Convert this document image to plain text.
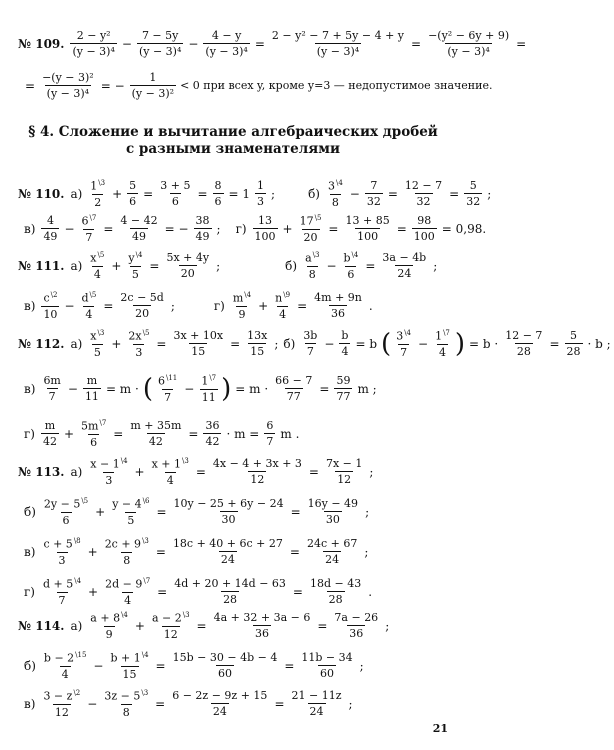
№ 109. $\frac{\text{2 − y²}}{\text{(y − 3)⁴}} - \frac{7 - 5y}{\text{(y − 3)⁴}} - \frac{4 - y}{\text{(y − 3)⁴}} = \frac{\text{2 − y² − 7 + 5y − 4 + y}}{\text{(y − 3)⁴}} = \frac{\text{−(y² − 6y + 9)}}{\text{(y − 3)⁴}}$ =
= $\frac{\text{−(y − 3)²}}{\text{(y − 3)⁴}}$ = − $\frac{1}{\text{(y − 3)²}} < 0$ при всех y, кроме y=3 — недопустимое значение.
§ 4. Сложение и вычитание алгебраических дробей
с разными знаменателями
№ 110. $а) \frac{1^{\backslash 3}}{2} + \frac{5}{6} = \frac{3 + 5}{6} = \frac{8}{6} = 1 \frac{1}{3}$ ;	$б) \frac{3^{\backslash 4}}{8} - \frac{7}{32} = \frac{12 - 7}{32} = \frac{5}{32}$ ;
$в) \frac{4}{49} - \frac{6^{\backslash 7}}{7} = \frac{4 - 42}{49}$ = − $\frac{38}{49}$ ; $г) \frac{13}{100} + \frac{17^{\backslash 5}}{20} = \frac{13 + 85}{100} = \frac{98}{100} = 0,98$.
№ 111. $а) \frac{x^{\backslash 5}}{4} + \frac{y^{\backslash 4}}{5} = \frac{5x + 4y}{20}$ ;	$б) \frac{a^{\backslash 3}}{8} - \frac{b^{\backslash 4}}{6} = \frac{3a - 4b}{24}$ ;
$в) \frac{c^{\backslash 2}}{10} - \frac{d^{\backslash 5}}{4} = \frac{2c - 5d}{20}$ ;	$г) \frac{m^{\backslash 4}}{9} + \frac{n^{\backslash 9}}{4} = \frac{4m + 9n}{36}$ .
№ 112. $а) \frac{x^{\backslash 3}}{5} + \frac{2x^{\backslash 5}}{3} = \frac{3x + 10x}{15} = \frac{13x}{15}$ ; $б) \frac{3b}{7} - \frac{b}{4} = b$ ( $\frac{3^{\backslash 4}}{7} - \frac{1^{\backslash 7}}{4}$ ) = $b \cdot \frac{12 - 7}{28} = \frac{5}{28} \cdot b$ ;
$в) \frac{6m}{7} - \frac{m}{11} = m$ · ( $\frac{6^{\backslash 11}}{7} - \frac{1^{\backslash 7}}{11}$ ) = $m \cdot \frac{66 - 7}{77} = \frac{59}{77}$ m ;
$г) \frac{m}{42} + \frac{5m^{\backslash 7}}{6} = \frac{m + 35m}{42} = \frac{36}{42} \cdot m = \frac{6}{7}$ m .
№ 113. $а) \frac{x - 1^{\backslash 4}}{3} + \frac{x + 1^{\backslash 3}}{4} = \frac{4x - 4 + 3x + 3}{12} = \frac{7x - 1}{12}$ ;
$б) \frac{2y - 5^{\backslash 5}}{6} + \frac{y - 4^{\backslash 6}}{5} = \frac{10y - 25 + 6y - 24}{30} = \frac{16y - 49}{30}$ ;
$в) \frac{c + 5^{\backslash 8}}{3} + \frac{2c + 9^{\backslash 3}}{8} = \frac{18c + 40 + 6c + 27}{24} = \frac{24c + 67}{24}$ ;
$г) \frac{d + 5^{\backslash 4}}{7} + \frac{2d - 9^{\backslash 7}}{4} = \frac{4d + 20 + 14d - 63}{28} = \frac{18d - 43}{28}$ .
№ 114. $а) \frac{a + 8^{\backslash 4}}{9} + \frac{a - 2^{\backslash 3}}{12} = \frac{4a + 32 + 3a - 6}{36} = \frac{7a - 26}{36}$ ;
$б) \frac{b - 2^{\backslash 15}}{4} - \frac{b + 1^{\backslash 4}}{15} = \frac{15b - 30 - 4b - 4}{60} = \frac{11b - 34}{60}$ ;
$в) \frac{3 - z^{\backslash 2}}{12} - \frac{3z - 5^{\backslash 3}}{8} = \frac{6 - 2z - 9z + 15}{24} = \frac{21 - 11z}{24}$ ;
21
